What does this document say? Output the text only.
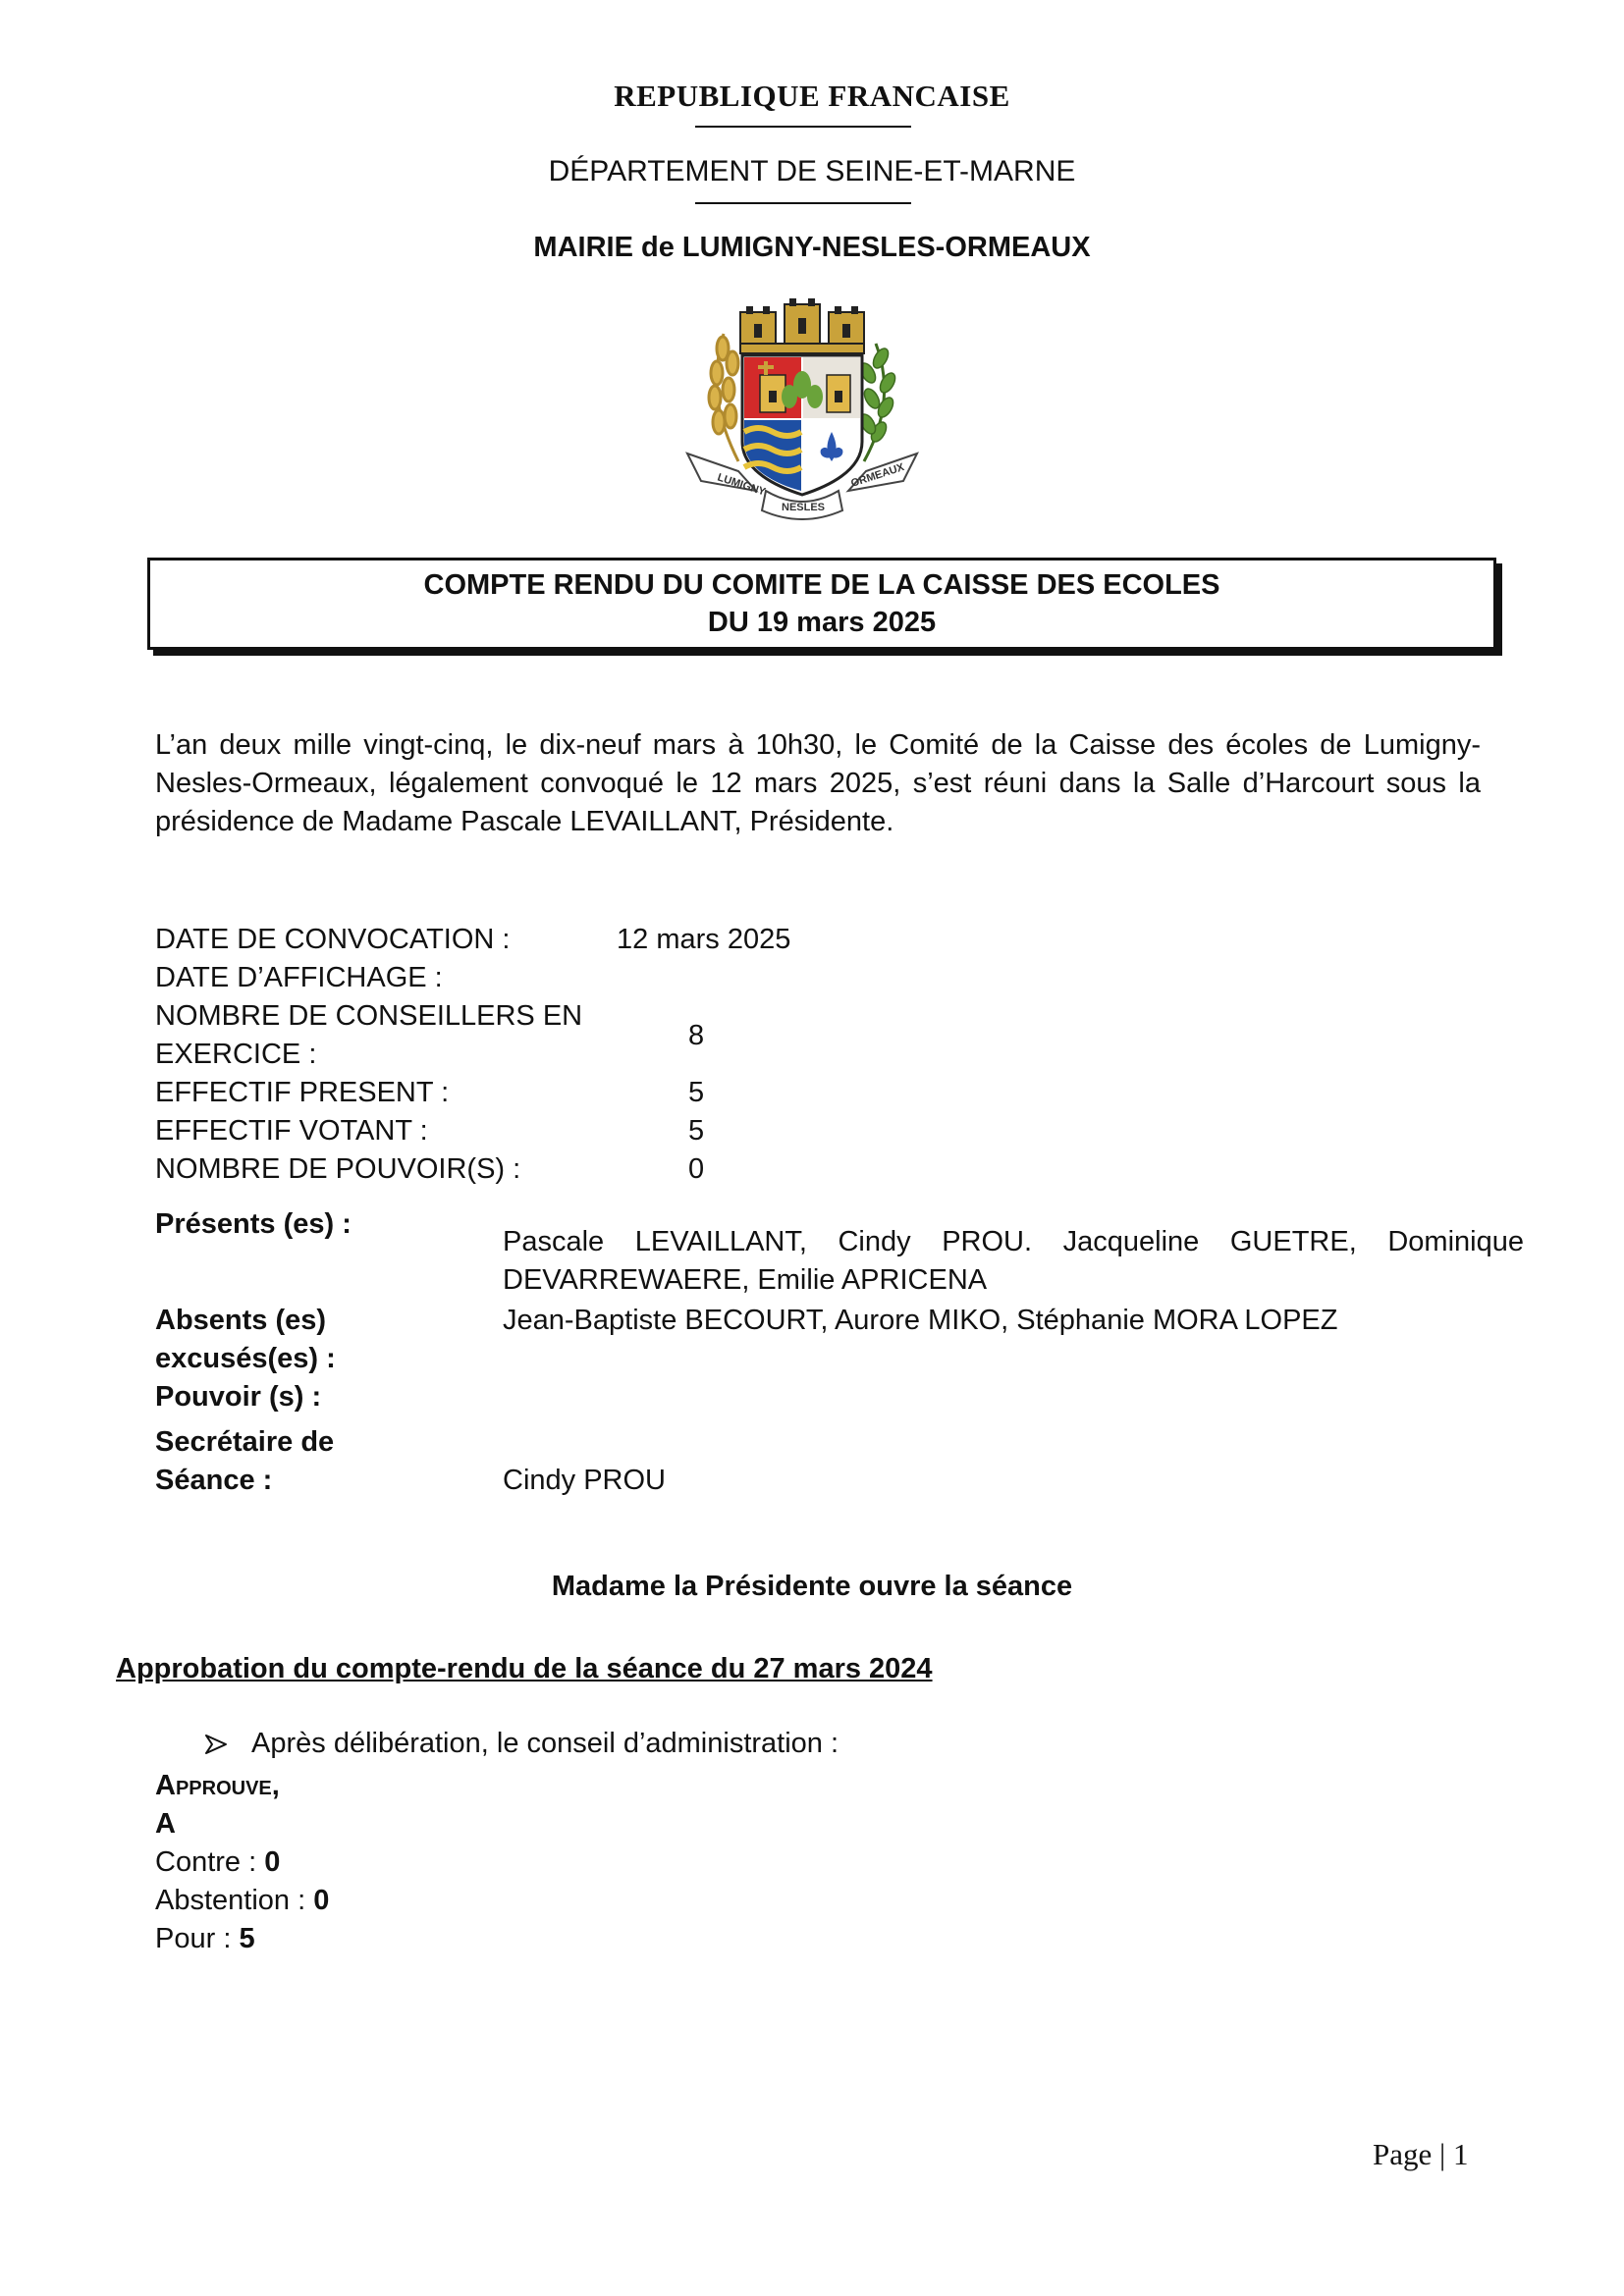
REPUBLIQUE FRANCAISE
DÉPARTEMENT DE SEINE-ET-MARNE
MAIRIE de LUMIGNY-NESLES-ORMEAUX
LUMIGNY	ORMEAUX
NESLES
COMPTE RENDU DU COMITE DE LA CAISSE DES ECOLES
DU 19 mars 2025
L’an deux mille vingt-cinq, le dix-neuf mars à 10h30, le Comité de la Caisse des écoles de Lumigny-Nesles-Ormeaux, légalement convoqué le 12 mars 2025, s’est réuni dans la Salle d’Harcourt sous la présidence de Madame Pascale LEVAILLANT, Présidente.
DATE DE CONVOCATION :	12 mars 2025
DATE D’AFFICHAGE :
NOMBRE DE CONSEILLERS EN
EXERCICE :
8
EFFECTIF PRESENT :	5
EFFECTIF VOTANT :	5
NOMBRE DE POUVOIR(S) :	0
Présents (es) :
Pascale LEVAILLANT, Cindy PROU. Jacqueline GUETRE, Dominique DEVARREWAERE, Emilie APRICENA
Absents (es)
excusés(es) :
Jean-Baptiste BECOURT, Aurore MIKO, Stéphanie MORA LOPEZ
Pouvoir (s) :
Secrétaire de
Séance :	Cindy PROU
Madame la Présidente ouvre la séance
Approbation du compte-rendu de la séance du 27 mars 2024
Après délibération, le conseil d’administration :
Approuve,
A
Contre : 0
Abstention : 0
Pour : 5
Page | 1
